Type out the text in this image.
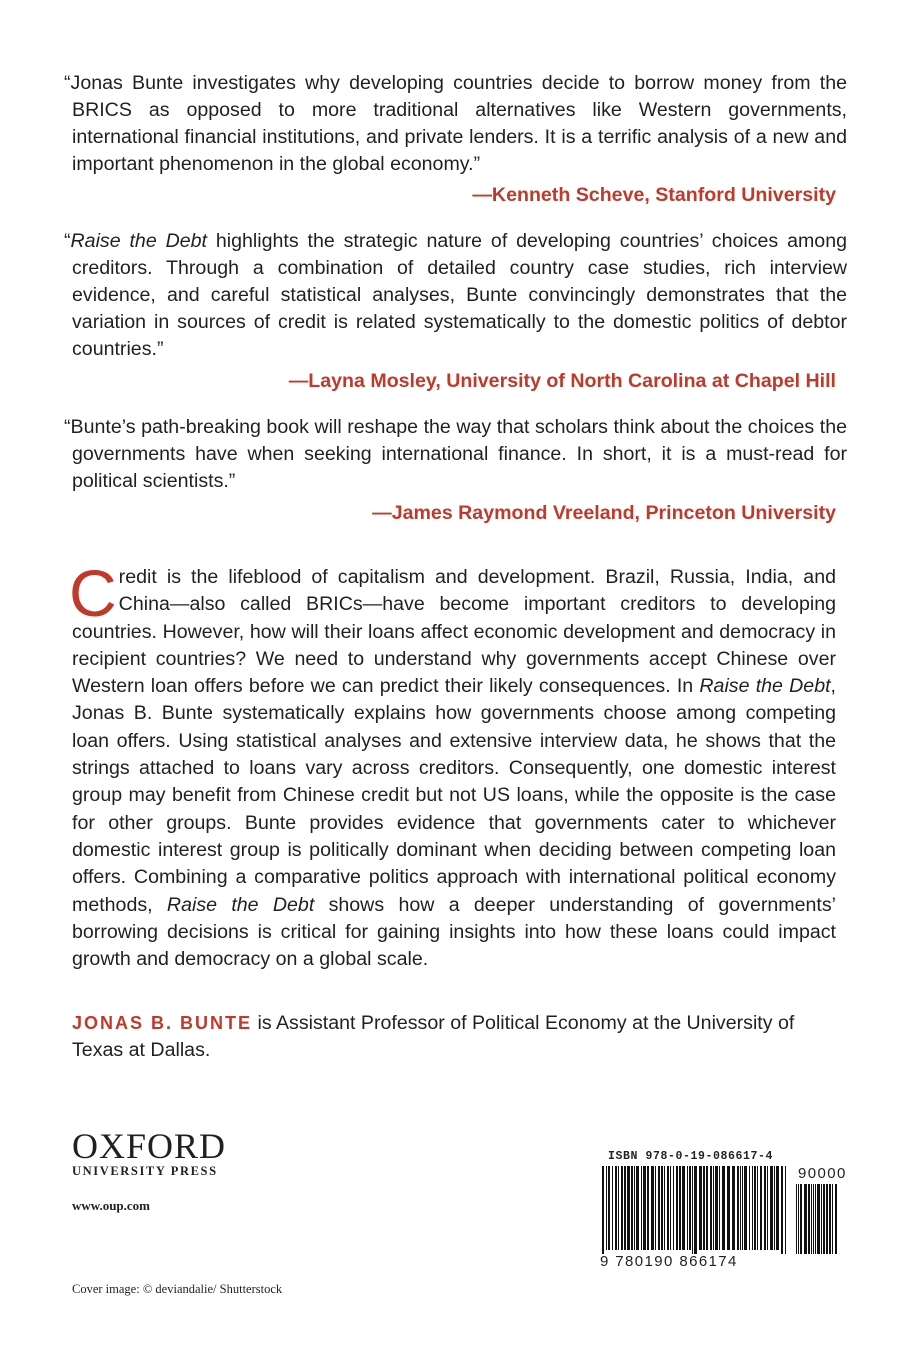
“Jonas Bunte investigates why developing countries decide to borrow money from the BRICS as opposed to more traditional alternatives like Western governments, international financial institutions, and private lenders. It is a terrific analysis of a new and important phenomenon in the global economy.”
—Kenneth Scheve, Stanford University
“Raise the Debt highlights the strategic nature of developing countries’ choices among creditors. Through a combination of detailed country case studies, rich interview evidence, and careful statistical analyses, Bunte convincingly demonstrates that the variation in sources of credit is related systematically to the domestic politics of debtor countries.”
—Layna Mosley, University of North Carolina at Chapel Hill
“Bunte’s path-breaking book will reshape the way that scholars think about the choices the governments have when seeking international finance. In short, it is a must-read for political scientists.”
—James Raymond Vreeland, Princeton University
Credit is the lifeblood of capitalism and development. Brazil, Russia, India, and China—also called BRICs—have become important creditors to developing countries. However, how will their loans affect economic development and democracy in recipient countries? We need to understand why governments accept Chinese over Western loan offers before we can predict their likely consequences. In Raise the Debt, Jonas B. Bunte systematically explains how governments choose among competing loan offers. Using statistical analyses and extensive interview data, he shows that the strings attached to loans vary across creditors. Consequently, one domestic interest group may benefit from Chinese credit but not US loans, while the opposite is the case for other groups. Bunte provides evidence that governments cater to whichever domestic interest group is politically dominant when deciding between competing loan offers. Combining a comparative politics approach with international political economy methods, Raise the Debt shows how a deeper understanding of governments’ borrowing decisions is critical for gaining insights into how these loans could impact growth and democracy on a global scale.
JONAS B. BUNTE is Assistant Professor of Political Economy at the University of Texas at Dallas.
OXFORD
UNIVERSITY PRESS
www.oup.com
Cover image: © deviandalie/ Shutterstock
ISBN 978-0-19-086617-4
9 780190 866174
90000
